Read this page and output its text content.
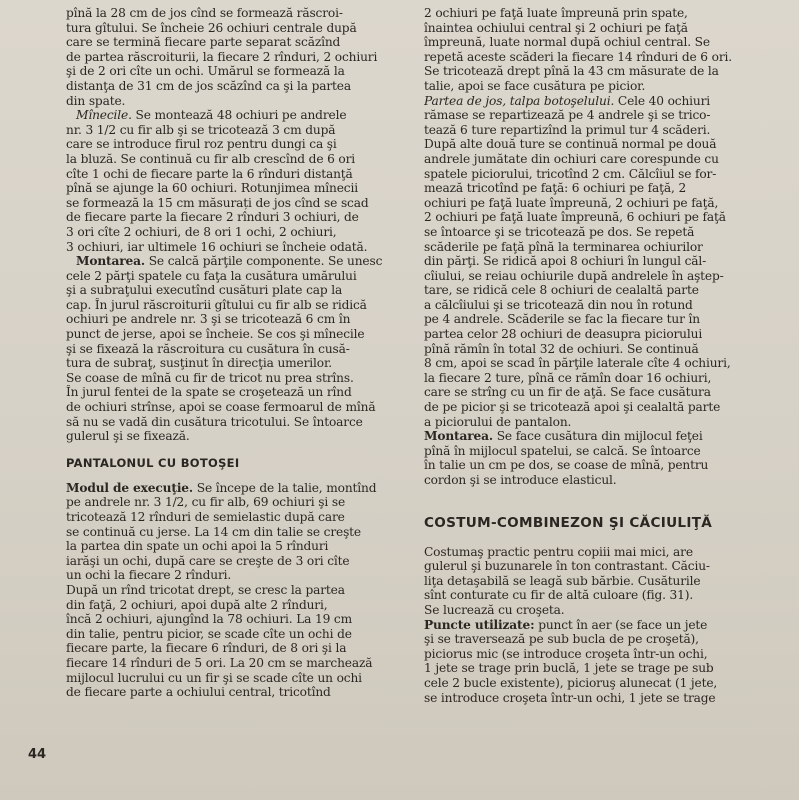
pînă la 28 cm de jos cînd se formează răscroi-
tura gîtului. Se încheie 26 ochiuri centrale după
care se termină fiecare parte separat scăzînd
de partea răscroiturii, la fiecare 2 rînduri, 2 ochiuri
şi de 2 ori cîte un ochi. Umărul se formează la
distanţa de 31 cm de jos scăzînd ca şi la partea
din spate.
Mînecile. Se montează 48 ochiuri pe andrele
nr. 3 1/2 cu fir alb şi se tricotează 3 cm după
care se introduce firul roz pentru dungi ca şi
la bluză. Se continuă cu fir alb crescînd de 6 ori
cîte 1 ochi de fiecare parte la 6 rînduri distanţă
pînă se ajunge la 60 ochiuri. Rotunjimea mînecii
se formează la 15 cm măsurați de jos cînd se scad
de fiecare parte la fiecare 2 rînduri 3 ochiuri, de
3 ori cîte 2 ochiuri, de 8 ori 1 ochi, 2 ochiuri,
3 ochiuri, iar ultimele 16 ochiuri se încheie odată.
Montarea. Se calcă părţile componente. Se unesc
cele 2 părţi spatele cu faţa la cusătura umărului
şi a subraţului executînd cusături plate cap la
cap. În jurul răscroiturii gîtului cu fir alb se ridică
ochiuri pe andrele nr. 3 şi se tricotează 6 cm în
punct de jerse, apoi se încheie. Se cos şi mînecile
şi se fixează la răscroitura cu cusătura în cusă-
tura de subraţ, susţinut în direcţia umerilor.
Se coase de mînă cu fir de tricot nu prea strîns.
În jurul fentei de la spate se croşetează un rînd
de ochiuri strînse, apoi se coase fermoarul de mînă
să nu se vadă din cusătura tricotului. Se întoarce
gulerul şi se fixează.
PANTALONUL CU BOTOŞEI
Modul de execuţie. Se începe de la talie, montînd
pe andrele nr. 3 1/2, cu fir alb, 69 ochiuri şi se
tricotează 12 rînduri de semielastic după care
se continuă cu jerse. La 14 cm din talie se creşte
la partea din spate un ochi apoi la 5 rînduri
iarăşi un ochi, după care se creşte de 3 ori cîte
un ochi la fiecare 2 rînduri.
După un rînd tricotat drept, se cresc la partea
din faţă, 2 ochiuri, apoi după alte 2 rînduri,
încă 2 ochiuri, ajungînd la 78 ochiuri. La 19 cm
din talie, pentru picior, se scade cîte un ochi de
fiecare parte, la fiecare 6 rînduri, de 8 ori şi la
fiecare 14 rînduri de 5 ori. La 20 cm se marchează
mijlocul lucrului cu un fir şi se scade cîte un ochi
de fiecare parte a ochiului central, tricotînd
2 ochiuri pe faţă luate împreună prin spate,
înaintea ochiului central şi 2 ochiuri pe faţă
împreună, luate normal după ochiul central. Se
repetă aceste scăderi la fiecare 14 rînduri de 6 ori.
Se tricotează drept pînă la 43 cm măsurate de la
talie, apoi se face cusătura pe picior.
Partea de jos, talpa botoşelului. Cele 40 ochiuri
rămase se repartizează pe 4 andrele şi se trico-
tează 6 ture repartizînd la primul tur 4 scăderi.
După alte două ture se continuă normal pe două
andrele jumătate din ochiuri care corespunde cu
spatele piciorului, tricotînd 2 cm. Călcîiul se for-
mează tricotînd pe faţă: 6 ochiuri pe faţă, 2
ochiuri pe faţă luate împreună, 2 ochiuri pe faţă,
2 ochiuri pe faţă luate împreună, 6 ochiuri pe faţă
se întoarce şi se tricotează pe dos. Se repetă
scăderile pe faţă pînă la terminarea ochiurilor
din părţi. Se ridică apoi 8 ochiuri în lungul căl-
cîiului, se reiau ochiurile după andrelele în aştep-
tare, se ridică cele 8 ochiuri de cealaltă parte
a călcîiului şi se tricotează din nou în rotund
pe 4 andrele. Scăderile se fac la fiecare tur în
partea celor 28 ochiuri de deasupra piciorului
pînă rămîn în total 32 de ochiuri. Se continuă
8 cm, apoi se scad în părţile laterale cîte 4 ochiuri,
la fiecare 2 ture, pînă ce rămîn doar 16 ochiuri,
care se strîng cu un fir de aţă. Se face cusătura
de pe picior şi se tricotează apoi şi cealaltă parte
a piciorului de pantalon.
Montarea. Se face cusătura din mijlocul feţei
pînă în mijlocul spatelui, se calcă. Se întoarce
în talie un cm pe dos, se coase de mînă, pentru
cordon şi se introduce elasticul.
COSTUM-COMBINEZON ŞI CĂCIULIŢĂ
Costumaş practic pentru copiii mai mici, are
gulerul şi buzunarele în ton contrastant. Căciu-
liţa detaşabilă se leagă sub bărbie. Cusăturile
sînt conturate cu fir de altă culoare (fig. 31).
Se lucrează cu croşeta.
Puncte utilizate: punct în aer (se face un jete
şi se traversează pe sub bucla de pe croşetă),
piciorus mic (se introduce croşeta într-un ochi,
1 jete se trage prin buclă, 1 jete se trage pe sub
cele 2 bucle existente), picioruş alunecat (1 jete,
se introduce croşeta într-un ochi, 1 jete se trage
44
